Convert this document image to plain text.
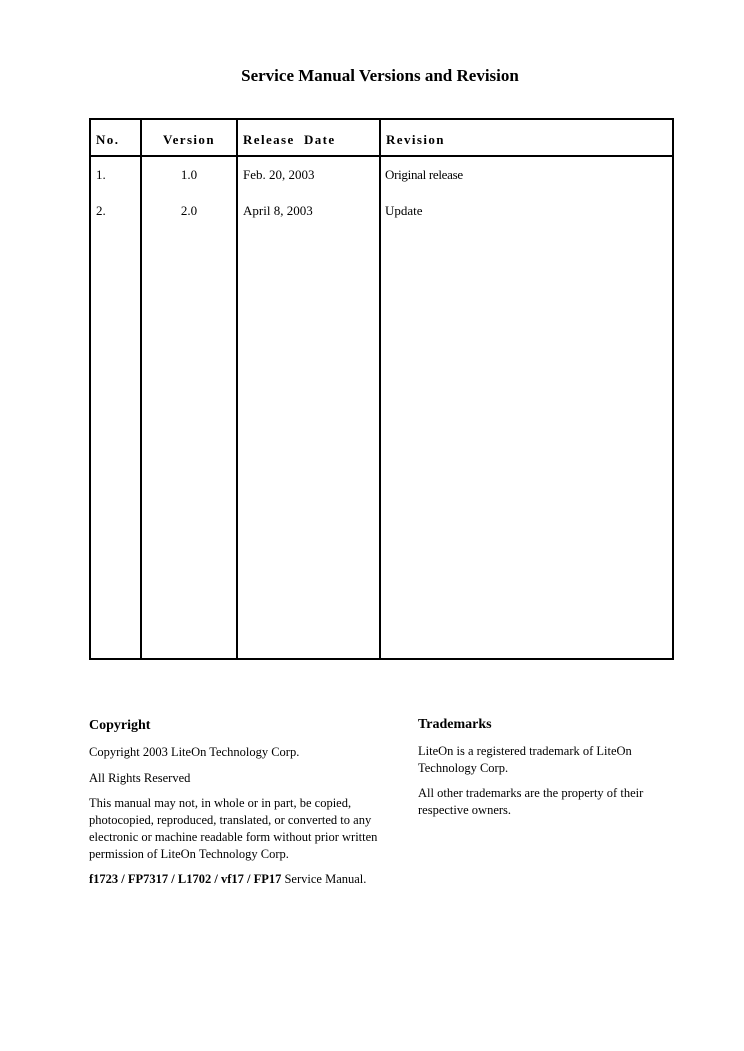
Service Manual Versions and Revision
No.	Version	Release  Date	Revision
1.	1.0	Feb. 20, 2003	Original release
2.	2.0	April 8, 2003	Update
Copyright
Copyright 2003 LiteOn Technology Corp.
All Rights Reserved
This manual may not, in whole or in part, be copied, photocopied, reproduced, translated, or converted to any electronic or machine readable form without prior written permission of LiteOn Technology Corp.
f1723 / FP7317 / L1702 / vf17 / FP17 Service Manual.
Trademarks
LiteOn is a registered trademark of LiteOn Technology Corp.
All other trademarks are the property of their respective owners.
